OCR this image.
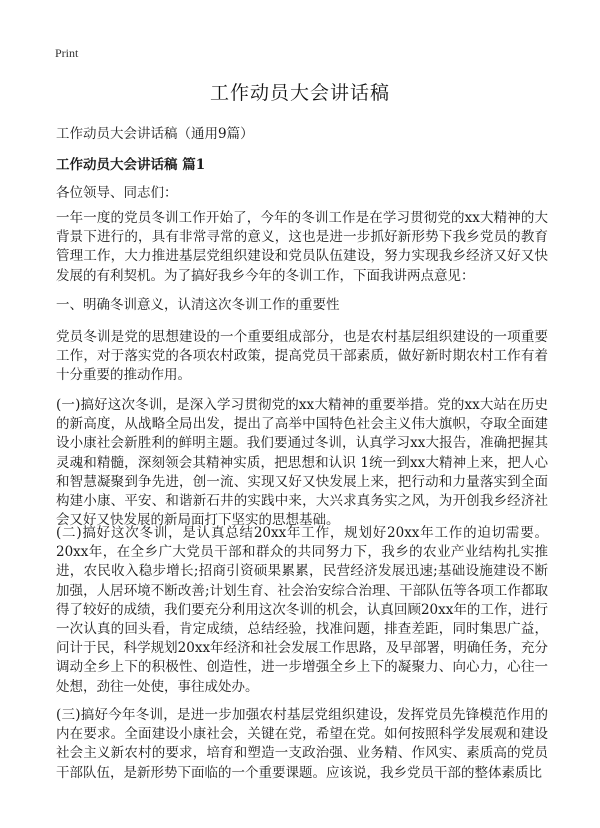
Print
工作动员大会讲话稿
工作动员大会讲话稿（通用9篇）
工作动员大会讲话稿 篇1
各位领导、同志们：

一年一度的党员冬训工作开始了，今年的冬训工作是在学习贯彻党的xx大精神的大背景下进行的，具有非常寻常的意义，这也是进一步抓好新形势下我乡党员的教育管理工作，大力推进基层党组织建设和党员队伍建设，努力实现我乡经济又好又快发展的有利契机。为了搞好我乡今年的冬训工作，下面我讲两点意见：

一、明确冬训意义，认清这次冬训工作的重要性

党员冬训是党的思想建设的一个重要组成部分，也是农村基层组织建设的一项重要工作，对于落实党的各项农村政策，提高党员干部素质，做好新时期农村工作有着十分重要的推动作用。

(一)搞好这次冬训，是深入学习贯彻党的xx大精神的重要举措。党的xx大站在历史的新高度，从战略全局出发，提出了高举中国特色社会主义伟大旗帜，夺取全面建设小康社会新胜利的鲜明主题。我们要通过冬训，认真学习xx大报告，准确把握其灵魂和精髓，深刻领会其精神实质，把思想和认识 1统一到xx大精神上来，把人心和智慧凝聚到争先进，创一流、实现又好又快发展上来，把行动和力量落实到全面构建小康、平安、和谐新石井的实践中来，大兴求真务实之风，为开创我乡经济社会又好又快发展的新局面打下坚实的思想基础。

(二)搞好这次冬训，是认真总结20xx年工作，规划好20xx年工作的迫切需要。20xx年，在全乡广大党员干部和群众的共同努力下，我乡的农业产业结构扎实推进，农民收入稳步增长;招商引资硕果累累，民营经济发展迅速;基础设施建设不断加强，人居环境不断改善;计划生育、社会治安综合治理、干部队伍等各项工作都取得了较好的成绩，我们要充分利用这次冬训的机会，认真回顾20xx年的工作，进行一次认真的回头看，肯定成绩，总结经验，找准问题，排查差距，同时集思广益，问计于民，科学规划20xx年经济和社会发展工作思路，及早部署，明确任务，充分调动全乡上下的积极性、创造性，进一步增强全乡上下的凝聚力、向心力，心往一处想，劲往一处使，事往成处办。

(三)搞好今年冬训，是进一步加强农村基层党组织建设，发挥党员先锋模范作用的内在要求。全面建设小康社会，关键在党，希望在党。如何按照科学发展观和建设社会主义新农村的要求，培育和塑造一支政治强、业务精、作风实、素质高的党员干部队伍，是新形势下面临的一个重要课题。应该说，我乡党员干部的整体素质比
